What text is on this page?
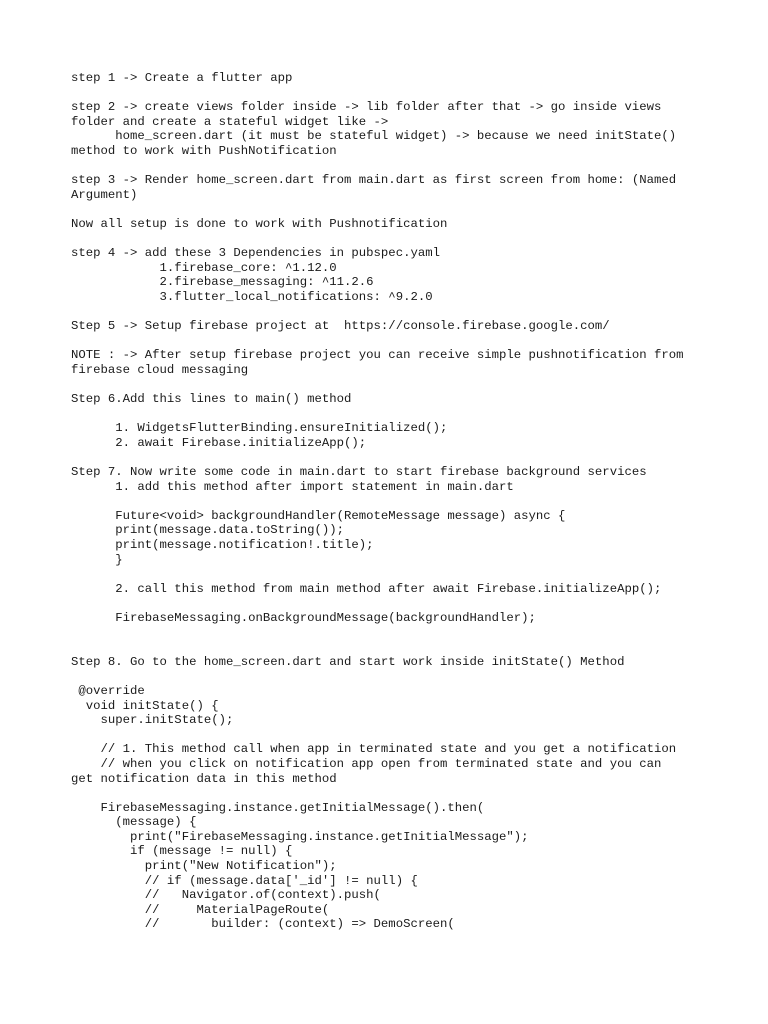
step 1 -> Create a flutter app
step 2 -> create views folder inside -> lib folder after that -> go inside views
folder and create a stateful widget like ->
home_screen.dart (it must be stateful widget) -> because we need initState()
method to work with PushNotification
step 3 -> Render home_screen.dart from main.dart as first screen from home: (Named
Argument)
Now all setup is done to work with Pushnotification
step 4 -> add these 3 Dependencies in pubspec.yaml
1.firebase_core: ^1.12.0
2.firebase_messaging: ^11.2.6
3.flutter_local_notifications: ^9.2.0
Step 5 -> Setup firebase project at  https://console.firebase.google.com/
NOTE : -> After setup firebase project you can receive simple pushnotification from
firebase cloud messaging
Step 6.Add this lines to main() method
1. WidgetsFlutterBinding.ensureInitialized();
2. await Firebase.initializeApp();
Step 7. Now write some code in main.dart to start firebase background services
1. add this method after import statement in main.dart
Future<void> backgroundHandler(RemoteMessage message) async {
print(message.data.toString());
print(message.notification!.title);
}
2. call this method from main method after await Firebase.initializeApp();
FirebaseMessaging.onBackgroundMessage(backgroundHandler);
Step 8. Go to the home_screen.dart and start work inside initState() Method
@override
void initState() {
super.initState();
// 1. This method call when app in terminated state and you get a notification
// when you click on notification app open from terminated state and you can
get notification data in this method
FirebaseMessaging.instance.getInitialMessage().then(
(message) {
print("FirebaseMessaging.instance.getInitialMessage");
if (message != null) {
print("New Notification");
// if (message.data['_id'] != null) {
//   Navigator.of(context).push(
//     MaterialPageRoute(
//       builder: (context) => DemoScreen(
